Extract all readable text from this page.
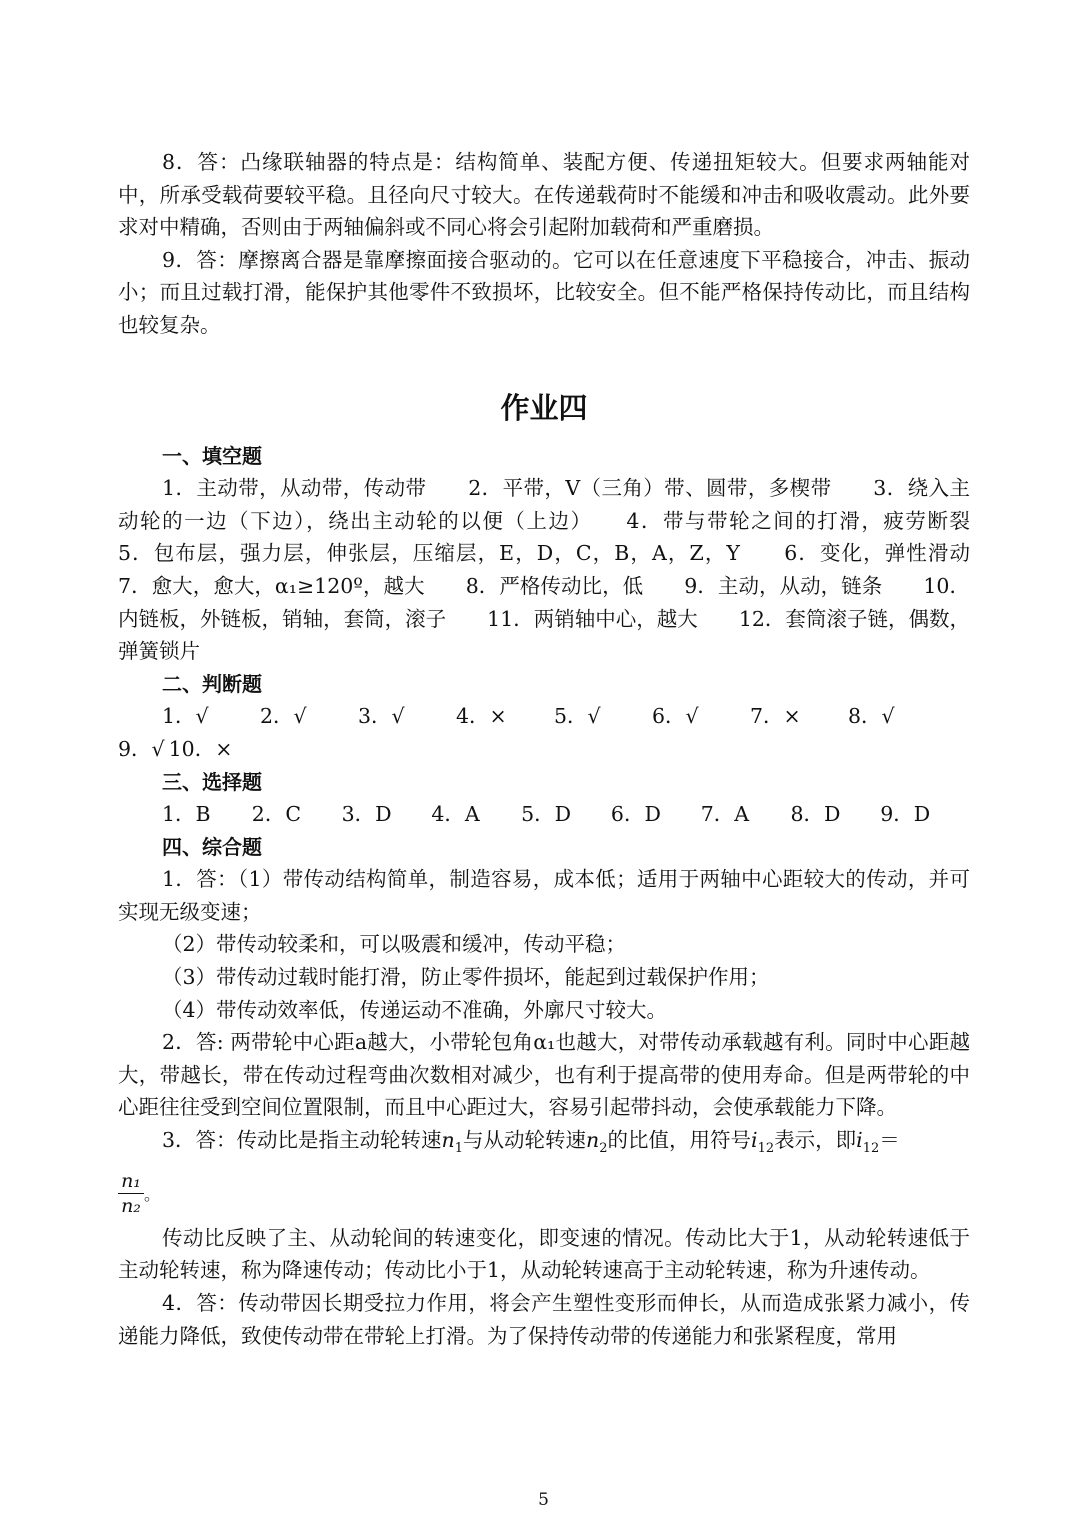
8．答：凸缘联轴器的特点是：结构简单、装配方便、传递扭矩较大。但要求两轴能对中，所承受载荷要较平稳。且径向尺寸较大。在传递载荷时不能缓和冲击和吸收震动。此外要求对中精确，否则由于两轴偏斜或不同心将会引起附加载荷和严重磨损。

9．答：摩擦离合器是靠摩擦面接合驱动的。它可以在任意速度下平稳接合，冲击、振动小；而且过载打滑，能保护其他零件不致损坏，比较安全。但不能严格保持传动比，而且结构也较复杂。

作业四
一、填空题

1．主动带，从动带，传动带　　2．平带，V（三角）带、圆带，多楔带　　3．绕入主动轮的一边（下边），绕出主动轮的以便（上边）　　4．带与带轮之间的打滑，疲劳断裂　　5．包布层，强力层，伸张层，压缩层，E，D，C，B，A，Z，Y　　6．变化，弹性滑动　　7．愈大，愈大，α₁≥120º，越大　　8．严格传动比，低　　9．主动，从动，链条　　10．内链板，外链板，销轴，套筒，滚子　　11．两销轴中心，越大　　12．套筒滚子链，偶数，弹簧锁片

二、判断题
1．√	2．√	3．√	4．×	5．√	6．√	7．×	8．√
9．√ 10．×
三、选择题
1．B	2．C	3．D	4．A	5．D	6．D	7．A	8．D	9．D
四、综合题

1．答：（1）带传动结构简单，制造容易，成本低；适用于两轴中心距较大的传动，并可实现无级变速；

（2）带传动较柔和，可以吸震和缓冲，传动平稳；

（3）带传动过载时能打滑，防止零件损坏，能起到过载保护作用；

（4）带传动效率低，传递运动不准确，外廓尺寸较大。

2．答: 两带轮中心距a越大，小带轮包角α₁也越大，对带传动承载越有利。同时中心距越大，带越长，带在传动过程弯曲次数相对减少，也有利于提高带的使用寿命。但是两带轮的中心距往往受到空间位置限制，而且中心距过大，容易引起带抖动，会使承载能力下降。

3．答：传动比是指主动轮转速$n_1$与从动轮转速$n_2$的比值，用符号$i_{12}$表示，即$i_{12}=$

$\frac{\text{n₁}}{\text{n₂}}$ 。

传动比反映了主、从动轮间的转速变化，即变速的情况。传动比大于1，从动轮转速低于主动轮转速，称为降速传动；传动比小于1，从动轮转速高于主动轮转速，称为升速传动。

4．答：传动带因长期受拉力作用，将会产生塑性变形而伸长，从而造成张紧力减小，传递能力降低，致使传动带在带轮上打滑。为了保持传动带的传递能力和张紧程度，常用

5
